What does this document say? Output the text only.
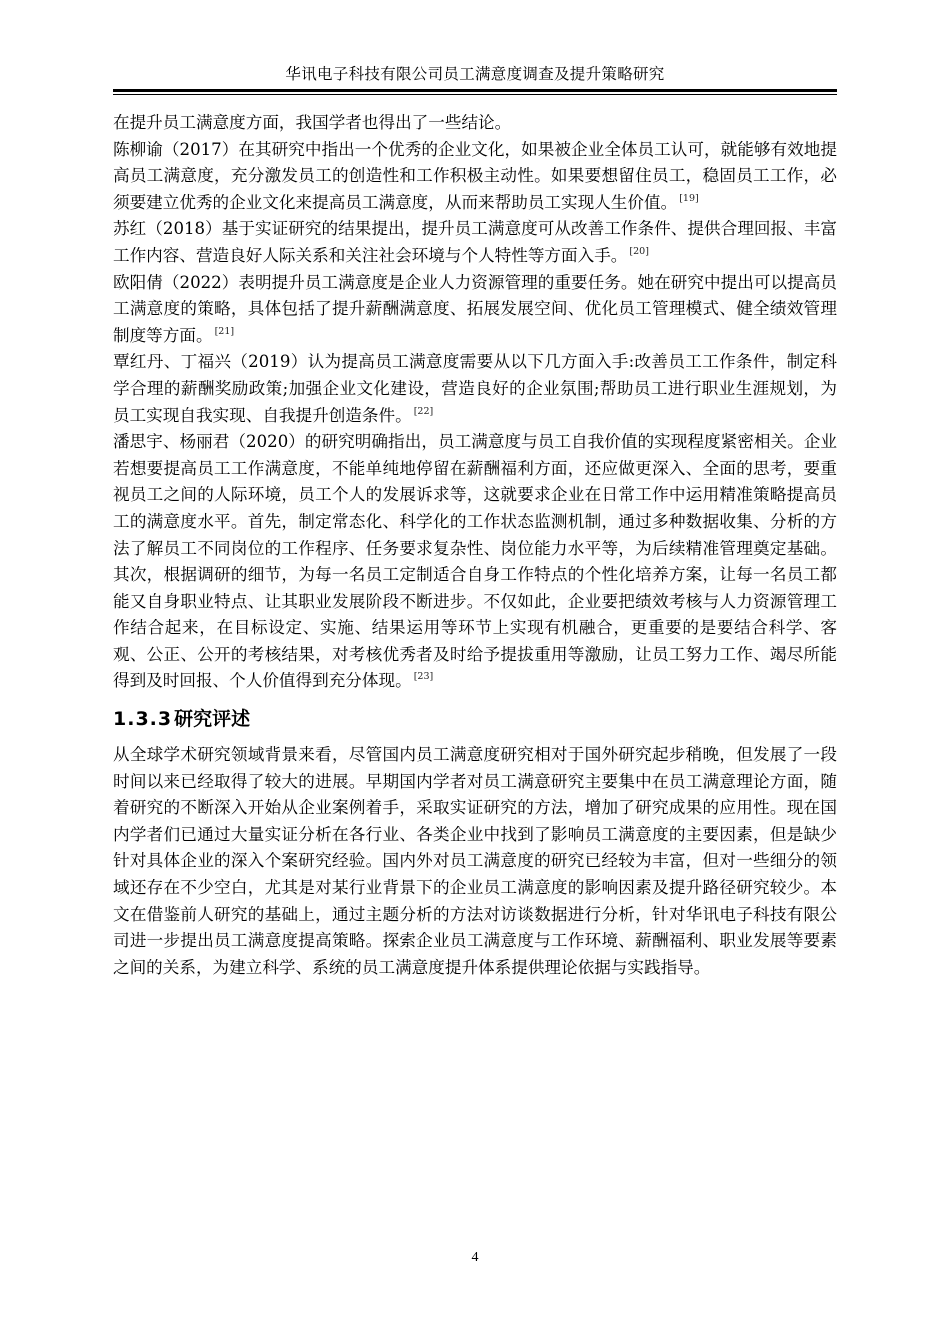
华讯电子科技有限公司员工满意度调查及提升策略研究

在提升员工满意度方面，我国学者也得出了一些结论。

陈柳谕（2017）在其研究中指出一个优秀的企业文化，如果被企业全体员工认可，就能够有效地提高员工满意度，充分激发员工的创造性和工作积极主动性。如果要想留住员工，稳固员工工作，必须要建立优秀的企业文化来提高员工满意度，从而来帮助员工实现人生价值。 [19]

苏红（2018）基于实证研究的结果提出，提升员工满意度可从改善工作条件、提供合理回报、丰富工作内容、营造良好人际关系和关注社会环境与个人特性等方面入手。 [20]

欧阳倩（2022）表明提升员工满意度是企业人力资源管理的重要任务。她在研究中提出可以提高员工满意度的策略，具体包括了提升薪酬满意度、拓展发展空间、优化员工管理模式、健全绩效管理制度等方面。 [21]

覃红丹、丁福兴（2019）认为提高员工满意度需要从以下几方面入手:改善员工工作条件，制定科学合理的薪酬奖励政策;加强企业文化建设，营造良好的企业氛围;帮助员工进行职业生涯规划，为员工实现自我实现、自我提升创造条件。 [22]

潘思宇、杨丽君（2020）的研究明确指出，员工满意度与员工自我价值的实现程度紧密相关。企业若想要提高员工工作满意度，不能单纯地停留在薪酬福利方面，还应做更深入、全面的思考，要重视员工之间的人际环境，员工个人的发展诉求等，这就要求企业在日常工作中运用精准策略提高员工的满意度水平。首先，制定常态化、科学化的工作状态监测机制，通过多种数据收集、分析的方法了解员工不同岗位的工作程序、任务要求复杂性、岗位能力水平等，为后续精准管理奠定基础。其次，根据调研的细节，为每一名员工定制适合自身工作特点的个性化培养方案，让每一名员工都能又自身职业特点、让其职业发展阶段不断进步。不仅如此，企业要把绩效考核与人力资源管理工作结合起来，在目标设定、实施、结果运用等环节上实现有机融合，更重要的是要结合科学、客观、公正、公开的考核结果，对考核优秀者及时给予提拔重用等激励，让员工努力工作、竭尽所能得到及时回报、个人价值得到充分体现。 [23]

1.3.3 研究评述

从全球学术研究领域背景来看，尽管国内员工满意度研究相对于国外研究起步稍晚，但发展了一段时间以来已经取得了较大的进展。早期国内学者对员工满意研究主要集中在员工满意理论方面，随着研究的不断深入开始从企业案例着手，采取实证研究的方法，增加了研究成果的应用性。现在国内学者们已通过大量实证分析在各行业、各类企业中找到了影响员工满意度的主要因素，但是缺少针对具体企业的深入个案研究经验。国内外对员工满意度的研究已经较为丰富，但对一些细分的领域还存在不少空白，尤其是对某行业背景下的企业员工满意度的影响因素及提升路径研究较少。本文在借鉴前人研究的基础上，通过主题分析的方法对访谈数据进行分析，针对华讯电子科技有限公司进一步提出员工满意度提高策略。探索企业员工满意度与工作环境、薪酬福利、职业发展等要素之间的关系，为建立科学、系统的员工满意度提升体系提供理论依据与实践指导。

4
